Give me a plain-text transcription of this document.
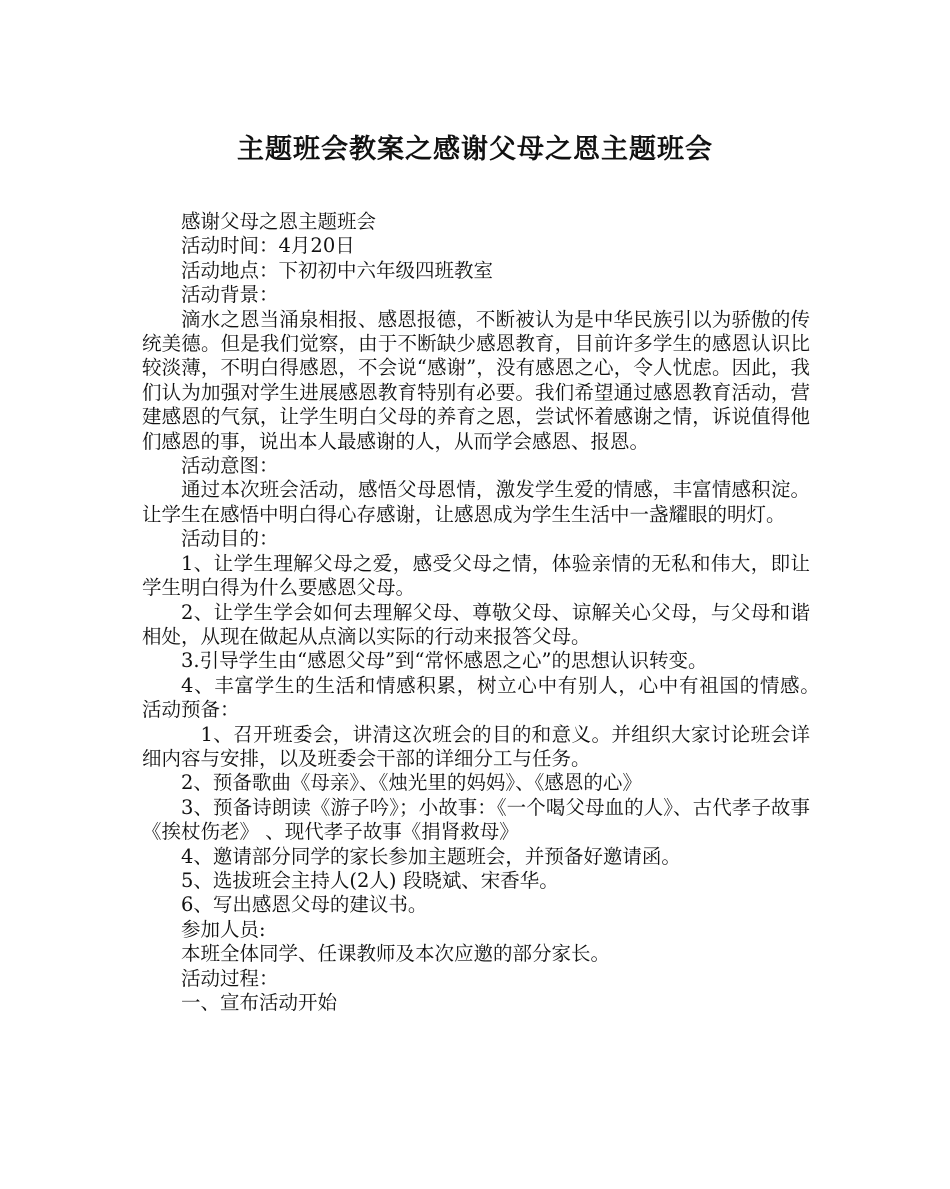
主题班会教案之感谢父母之恩主题班会

感谢父母之恩主题班会

活动时间：4月20日

活动地点：下初初中六年级四班教室

活动背景：

滴水之恩当涌泉相报、感恩报德，不断被认为是中华民族引以为骄傲的传统美德。但是我们觉察，由于不断缺少感恩教育，目前许多学生的感恩认识比较淡薄，不明白得感恩，不会说“感谢”，没有感恩之心，令人忧虑。因此，我们认为加强对学生进展感恩教育特别有必要。我们希望通过感恩教育活动，营建感恩的气氛，让学生明白父母的养育之恩，尝试怀着感谢之情，诉说值得他们感恩的事，说出本人最感谢的人，从而学会感恩、报恩。

活动意图：

通过本次班会活动，感悟父母恩情，激发学生爱的情感，丰富情感积淀。让学生在感悟中明白得心存感谢，让感恩成为学生生活中一盏耀眼的明灯。

活动目的：

1、让学生理解父母之爱，感受父母之情，体验亲情的无私和伟大，即让学生明白得为什么要感恩父母。

2、让学生学会如何去理解父母、尊敬父母、谅解关心父母，与父母和谐相处，从现在做起从点滴以实际的行动来报答父母。

3.引导学生由“感恩父母”到“常怀感恩之心”的思想认识转变。

4、丰富学生的生活和情感积累，树立心中有别人，心中有祖国的情感。　　 活动预备：

1、召开班委会，讲清这次班会的目的和意义。并组织大家讨论班会详细内容与安排，以及班委会干部的详细分工与任务。

2、预备歌曲《母亲》、《烛光里的妈妈》、《感恩的心》

3、预备诗朗读《游子吟》；小故事：《一个喝父母血的人》、古代孝子故事《挨杖伤老》 、现代孝子故事《捐肾救母》

4、邀请部分同学的家长参加主题班会，并预备好邀请函。

5、选拔班会主持人(2人) 段晓斌、宋香华。

6、写出感恩父母的建议书。

参加人员:

本班全体同学、任课教师及本次应邀的部分家长。

活动过程：

一、宣布活动开始
